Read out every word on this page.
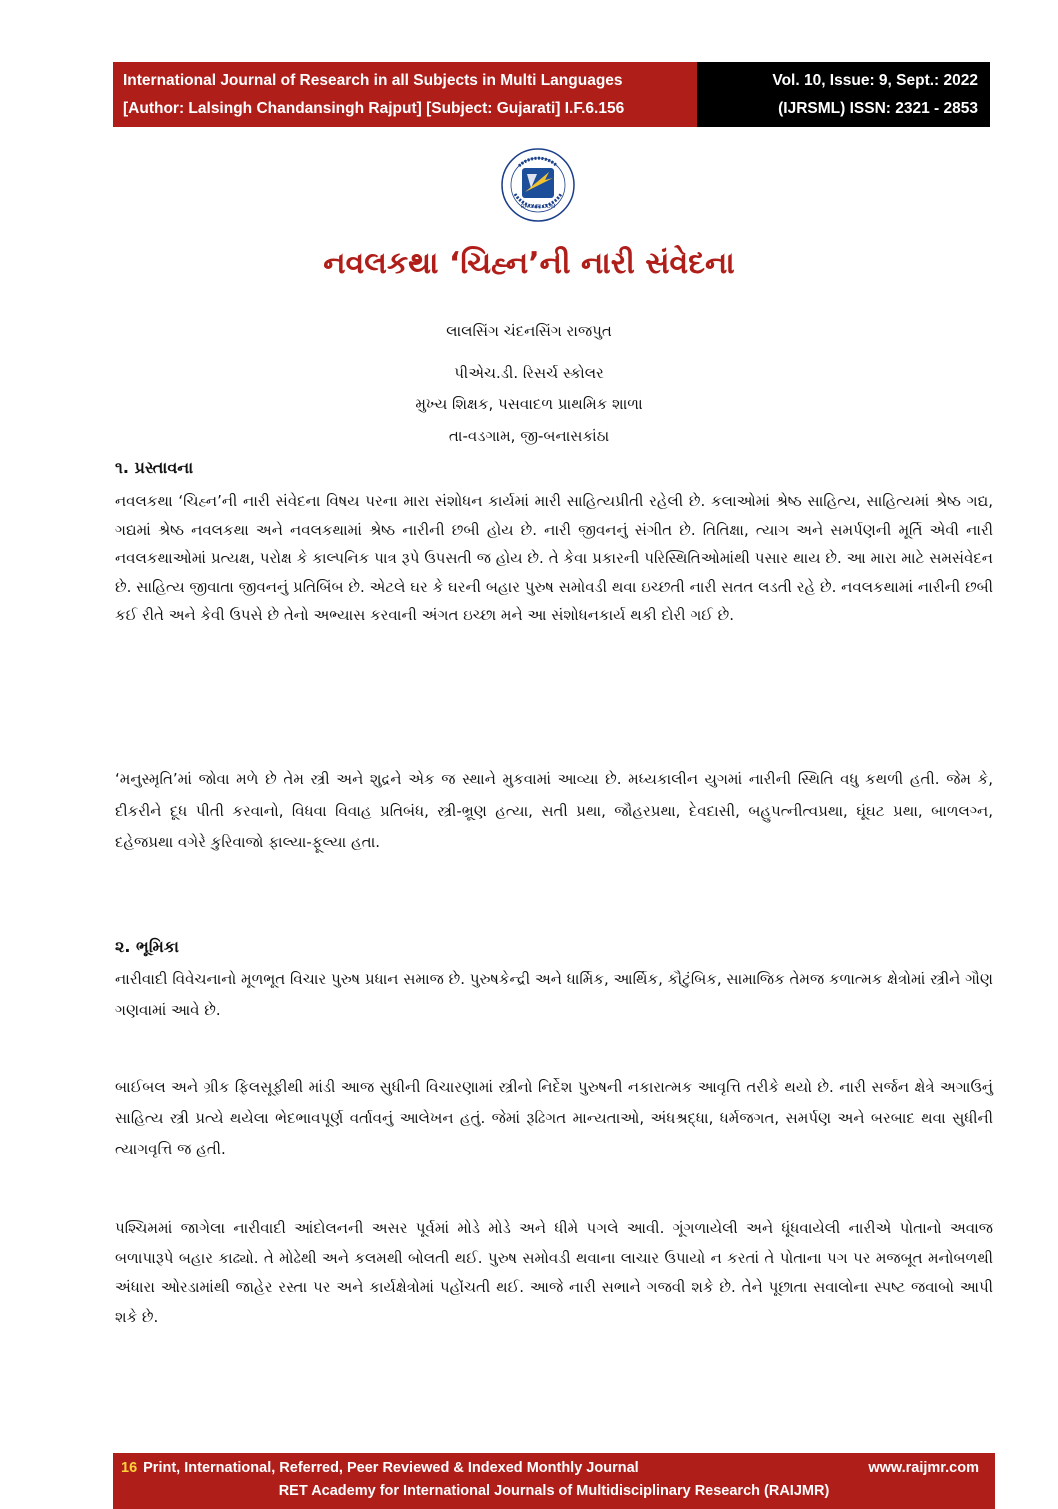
International Journal of Research in all Subjects in Multi Languages
[Author: Lalsingh Chandansingh Rajput] [Subject: Gujarati] I.F.6.156
Vol. 10, Issue: 9, Sept.: 2022
(IJRSML) ISSN: 2321 - 2853
RAIJMR.COM
નવલકથા ‘ચિહ્ન’ની નારી સંવેદના
લાલસિંગ ચંદનસિંગ રાજપુત
પીએચ.ડી. રિસર્ચ સ્કોલર
મુખ્ય શિક્ષક, પસવાદળ પ્રાથમિક શાળા
તા-વડગામ, જી-બનાસકાંઠા
૧. પ્રસ્તાવના

નવલકથા ‘ચિહ્ન’ની નારી સંવેદના વિષય પરના મારા સંશોધન કાર્યમાં મારી સાહિત્યપ્રીતી રહેલી છે. કલાઓમાં શ્રેષ્ઠ સાહિત્ય, સાહિત્યમાં શ્રેષ્ઠ ગદ્ય, ગદ્યમાં શ્રેષ્ઠ નવલકથા અને નવલકથામાં શ્રેષ્ઠ નારીની છબી હોય છે. નારી જીવનનું સંગીત છે. તિતિક્ષા, ત્યાગ અને સમર્પણની મૂર્તિ એવી નારી નવલકથાઓમાં પ્રત્યક્ષ, પરોક્ષ કે કાલ્પનિક પાત્ર રૂપે ઉપસતી જ હોય છે. તે કેવા પ્રકારની પરિસ્થિતિઓમાંથી પસાર થાય છે. આ મારા માટે સમસંવેદન છે. સાહિત્ય જીવાતા જીવનનું પ્રતિબિંબ છે. એટલે ઘર કે ઘરની બહાર પુરુષ સમોવડી થવા ઇચ્છતી નારી સતત લડતી રહે છે. નવલકથામાં નારીની છબી કઈ રીતે અને કેવી ઉપસે છે તેનો અભ્યાસ કરવાની અંગત ઇચ્છા મને આ સંશોધનકાર્ય થકી દોરી ગઈ છે.

‘મનુસ્મૃતિ’માં જોવા મળે છે તેમ સ્ત્રી અને શુદ્રને એક જ સ્થાને મુકવામાં આવ્યા છે. મધ્યકાલીન યુગમાં નારીની સ્થિતિ વધુ કથળી હતી. જેમ કે, દીકરીને દૂધ પીતી કરવાનો, વિધવા વિવાહ પ્રતિબંધ, સ્ત્રી-ભ્રૂણ હત્યા, સતી પ્રથા, જૌહરપ્રથા, દેવદાસી, બહુપત્નીત્વપ્રથા, ઘૂંઘટ પ્રથા, બાળલગ્ન, દહેજપ્રથા વગેરે કુરિવાજો ફાલ્યા-ફૂલ્યા હતા.

૨. ભૂમિકા

નારીવાદી વિવેચનાનો મૂળભૂત વિચાર પુરુષ પ્રધાન સમાજ છે. પુરુષકેન્દ્રી અને ધાર્મિક, આર્થિક, કૌટુંબિક, સામાજિક તેમજ કળાત્મક ક્ષેત્રોમાં સ્ત્રીને ગૌણ ગણવામાં આવે છે.

બાઈબલ અને ગ્રીક ફિલસૂફીથી માંડી આજ સુધીની વિચારણામાં સ્ત્રીનો નિર્દેશ પુરુષની નકારાત્મક આવૃત્તિ તરીકે થયો છે. નારી સર્જન ક્ષેત્રે અગાઉનું સાહિત્ય સ્ત્રી પ્રત્યે થયેલા ભેદભાવપૂર્ણ વર્તાવનું આલેખન હતું. જેમાં રૂઢિગત માન્યતાઓ, અંધશ્રદ્ધા, ધર્મજગત, સમર્પણ અને બરબાદ થવા સુધીની ત્યાગવૃત્તિ જ હતી.

પશ્ચિમમાં જાગેલા નારીવાદી આંદોલનની અસર પૂર્વમાં મોડે મોડે અને ધીમે પગલે આવી. ગૂંગળાયેલી અને ધૂંધવાયેલી નારીએ પોતાનો અવાજ બળાપારૂપે બહાર કાઢ્યો. તે મોઢેથી અને કલમથી બોલતી થઈ. પુરુષ સમોવડી થવાના લાચાર ઉપાયો ન કરતાં તે પોતાના પગ પર મજબૂત મનોબળથી અંધારા ઓરડામાંથી જાહેર રસ્તા પર અને કાર્યક્ષેત્રોમાં પહોંચતી થઈ. આજે નારી સભાને ગજવી શકે છે. તેને પૂછાતા સવાલોના સ્પષ્ટ જવાબો આપી શકે છે.

16 Print, International, Referred, Peer Reviewed & Indexed Monthly Journal	www.raijmr.com
RET Academy for International Journals of Multidisciplinary Research (RAIJMR)
